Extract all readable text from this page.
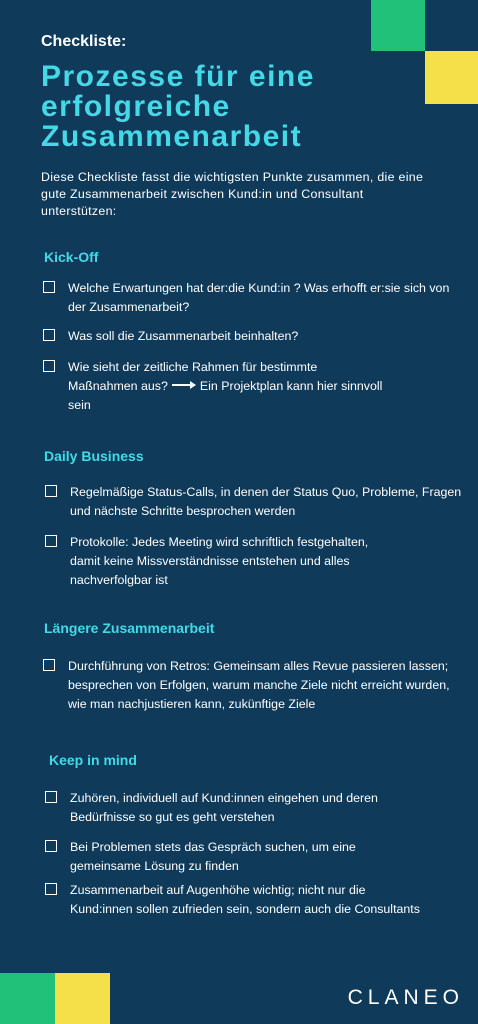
Checkliste:
Prozesse für eine erfolgreiche Zusammenarbeit
Diese Checkliste fasst die wichtigsten Punkte zusammen, die eine gute Zusammenarbeit zwischen Kund:in und Consultant unterstützen:
Kick-Off
Welche Erwartungen hat der:die Kund:in ? Was erhofft er:sie sich von der Zusammenarbeit?
Was soll die Zusammenarbeit beinhalten?
Wie sieht der zeitliche Rahmen für bestimmte Maßnahmen aus?	Ein Projektplan kann hier sinnvoll sein
Daily Business
Regelmäßige Status-Calls, in denen der Status Quo, Probleme, Fragen und nächste Schritte besprochen werden
Protokolle: Jedes Meeting wird schriftlich festgehalten, damit keine Missverständnisse entstehen und alles nachverfolgbar ist
Längere Zusammenarbeit
Durchführung von Retros: Gemeinsam alles Revue passieren lassen; besprechen von Erfolgen, warum manche Ziele nicht erreicht wurden, wie man nachjustieren kann, zukünftige Ziele
Keep in mind
Zuhören, individuell auf Kund:innen eingehen und deren Bedürfnisse so gut es geht verstehen
Bei Problemen stets das Gespräch suchen, um eine gemeinsame Lösung zu finden
Zusammenarbeit auf Augenhöhe wichtig; nicht nur die Kund:innen sollen zufrieden sein, sondern auch die Consultants
CLANEO
